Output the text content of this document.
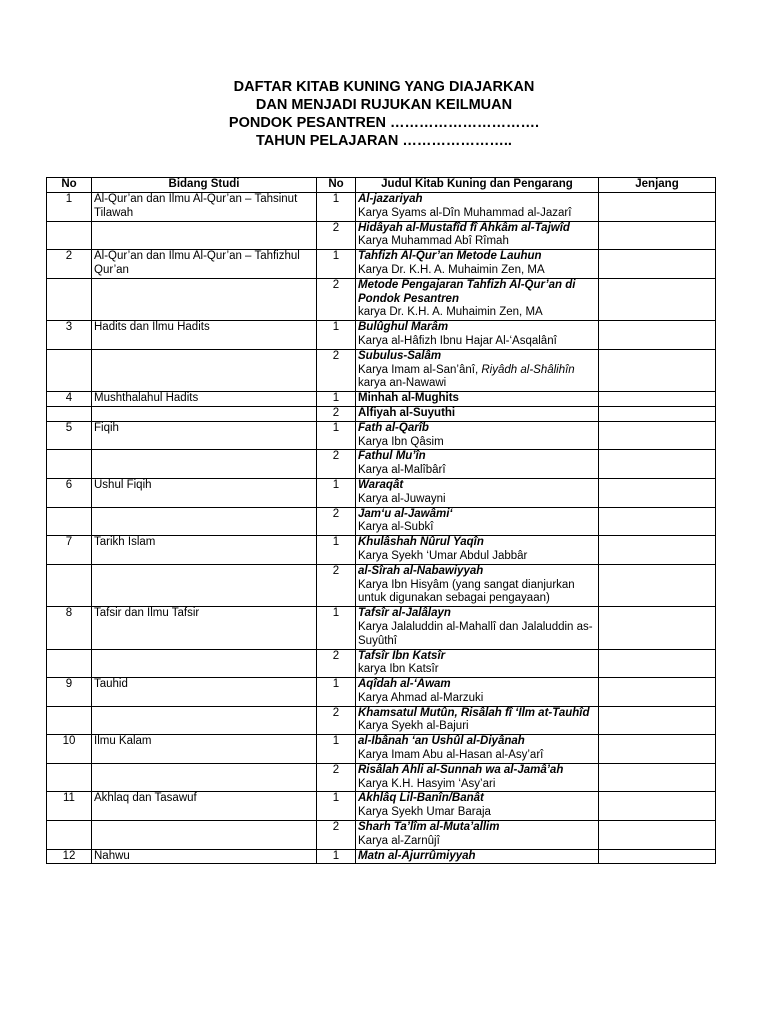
DAFTAR KITAB KUNING YANG DIAJARKAN
DAN MENJADI RUJUKAN KEILMUAN
PONDOK PESANTREN ………………………….
TAHUN PELAJARAN …………………..
No	Bidang Studi	No	Judul Kitab Kuning dan Pengarang	Jenjang
1	Al-Qur’an dan Ilmu Al-Qur’an – Tahsinut Tilawah	1	Al-jazariyah
Karya Syams al-Dîn Muhammad al-Jazarî	

		2	Hidâyah al-Mustafîd fî Ahkâm al-Tajwîd
Karya Muhammad Abî Rîmah	

2	Al-Qur’an dan Ilmu Al-Qur’an – Tahfizhul Qur’an	1	Tahfizh Al-Qur’an Metode Lauhun
Karya Dr. K.H. A. Muhaimin Zen, MA	

		2	Metode Pengajaran Tahfizh Al-Qur’an di Pondok Pesantren
karya Dr. K.H. A. Muhaimin Zen, MA	

3	Hadits dan Ilmu Hadits	1	Bulûghul Marâm
Karya al-Hâfizh Ibnu Hajar Al-‘Asqalânî	

		2	Subulus-Salâm
Karya Imam al-San’ânî, Riyâdh al-Shâlihîn karya an-Nawawi	

4	Mushthalahul Hadits	1	Minhah al-Mughits	
		2	Alfiyah al-Suyuthi	
5	Fiqih	1	Fath al-Qarîb
Karya Ibn Qâsim	

		2	Fathul Mu’în
Karya al-Malîbârî	

6	Ushul Fiqih	1	Waraqât
Karya al-Juwayni	

		2	Jam‘u al-Jawâmi‘
Karya al-Subkî	

7	Tarikh Islam	1	Khulâshah Nûrul Yaqîn
Karya Syekh ‘Umar Abdul Jabbâr	

		2	al-Sîrah al-Nabawiyyah
Karya Ibn Hisyâm (yang sangat dianjurkan untuk digunakan sebagai pengayaan)	

8	Tafsir dan Ilmu Tafsir	1	Tafsîr al-Jalâlayn
Karya Jalaluddin al-Mahallî dan Jalaluddin as-Suyûthî	

		2	Tafsîr Ibn Katsîr
karya Ibn Katsîr	

9	Tauhid	1	Aqîdah al-‘Awam
Karya Ahmad al-Marzuki	

		2	Khamsatul Mutûn, Risâlah fî ‘Ilm at-Tauhîd
Karya Syekh al-Bajuri	

10	Ilmu Kalam	1	al-Ibânah ‘an Ushûl al-Diyânah
Karya Imam Abu al-Hasan al-Asy’arî	

		2	Risâlah Ahli al-Sunnah wa al-Jamâ’ah
Karya K.H. Hasyim ‘Asy’ari	

11	Akhlaq dan Tasawuf	1	Akhlâq Lil-Banîn/Banât
Karya Syekh Umar Baraja	

		2	Sharh Ta’lîm al-Muta’allim
Karya al-Zarnûjî	

12	Nahwu	1	Matn al-Ājurrûmiyyah	
